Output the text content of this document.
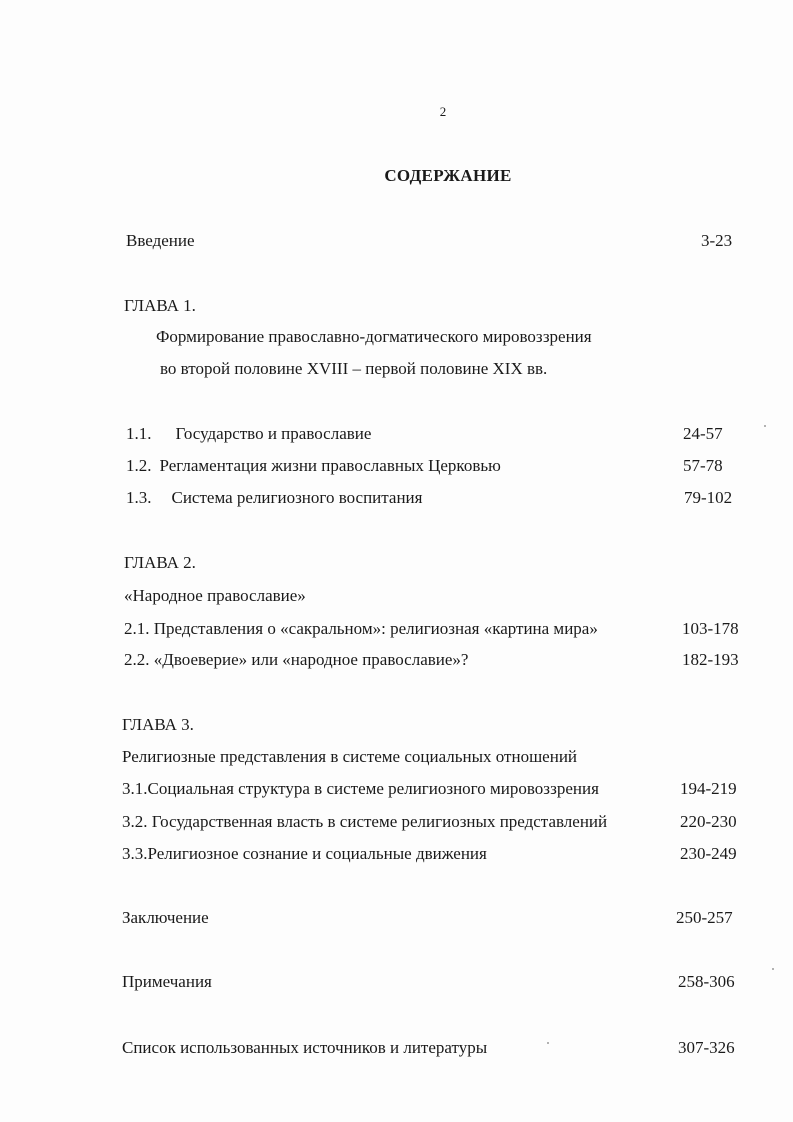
2
СОДЕРЖАНИЕ
Введение	3-23
ГЛАВА 1.
Формирование православно-догматического мировоззрения
во второй половине XVIII – первой половине XIX вв.
1.1. Государство и православие	24-57
1.2. Регламентация жизни православных Церковью	57-78
1.3. Система религиозного воспитания	79-102
ГЛАВА 2.
«Народное православие»
2.1. Представления о «сакральном»: религиозная «картина мира»	103-178
2.2. «Двоеверие» или «народное православие»?	182-193
ГЛАВА 3.
Религиозные представления в системе социальных отношений
3.1.Социальная структура в системе религиозного мировоззрения	194-219
3.2. Государственная власть в системе религиозных представлений	220-230
3.3.Религиозное сознание и социальные движения	230-249
Заключение	250-257
Примечания	258-306
Список использованных источников и литературы	307-326
